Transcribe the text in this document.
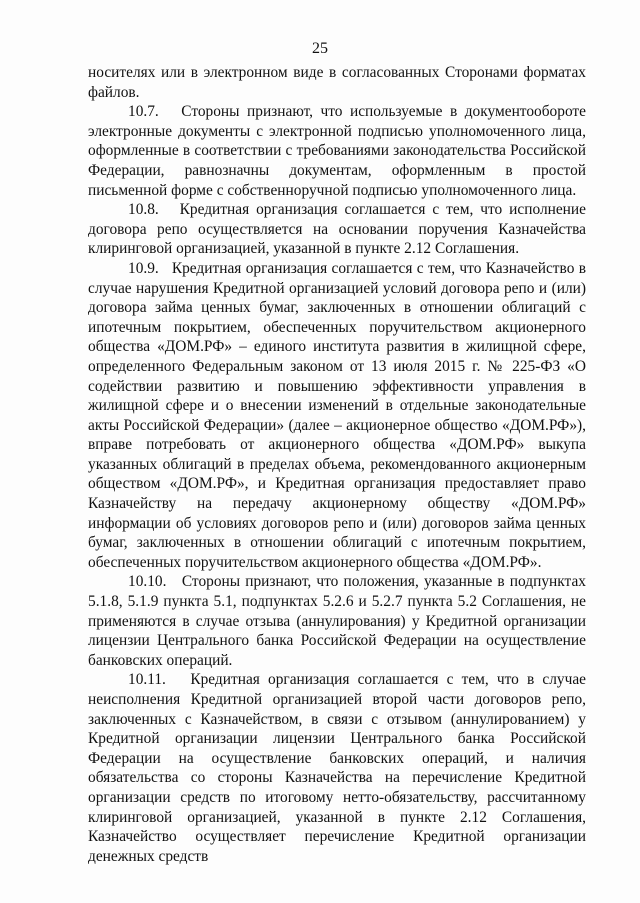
25

носителях или в электронном виде в согласованных Сторонами форматах файлов.

10.7. Стороны признают, что используемые в документообороте электронные документы с электронной подписью уполномоченного лица, оформленные в соответствии с требованиями законодательства Российской Федерации, равнозначны документам, оформленным в простой письменной форме с собственноручной подписью уполномоченного лица.

10.8. Кредитная организация соглашается с тем, что исполнение договора репо осуществляется на основании поручения Казначейства клиринговой организацией, указанной в пункте 2.12 Соглашения.

10.9. Кредитная организация соглашается с тем, что Казначейство в случае нарушения Кредитной организацией условий договора репо и (или) договора займа ценных бумаг, заключенных в отношении облигаций с ипотечным покрытием, обеспеченных поручительством акционерного общества «ДОМ.РФ» – единого института развития в жилищной сфере, определенного Федеральным законом от 13 июля 2015 г. № 225-ФЗ «О содействии развитию и повышению эффективности управления в жилищной сфере и о внесении изменений в отдельные законодательные акты Российской Федерации» (далее – акционерное общество «ДОМ.РФ»), вправе потребовать от акционерного общества «ДОМ.РФ» выкупа указанных облигаций в пределах объема, рекомендованного акционерным обществом «ДОМ.РФ», и Кредитная организация предоставляет право Казначейству на передачу акционерному обществу «ДОМ.РФ» информации об условиях договоров репо и (или) договоров займа ценных бумаг, заключенных в отношении облигаций с ипотечным покрытием, обеспеченных поручительством акционерного общества «ДОМ.РФ».

10.10. Стороны признают, что положения, указанные в подпунктах 5.1.8, 5.1.9 пункта 5.1, подпунктах 5.2.6 и 5.2.7 пункта 5.2 Соглашения, не применяются в случае отзыва (аннулирования) у Кредитной организации лицензии Центрального банка Российской Федерации на осуществление банковских операций.

10.11. Кредитная организация соглашается с тем, что в случае неисполнения Кредитной организацией второй части договоров репо, заключенных с Казначейством, в связи с отзывом (аннулированием) у Кредитной организации лицензии Центрального банка Российской Федерации на осуществление банковских операций, и наличия обязательства со стороны Казначейства на перечисление Кредитной организации средств по итоговому нетто-обязательству, рассчитанному клиринговой организацией, указанной в пункте 2.12 Соглашения, Казначейство осуществляет перечисление Кредитной организации денежных средств
